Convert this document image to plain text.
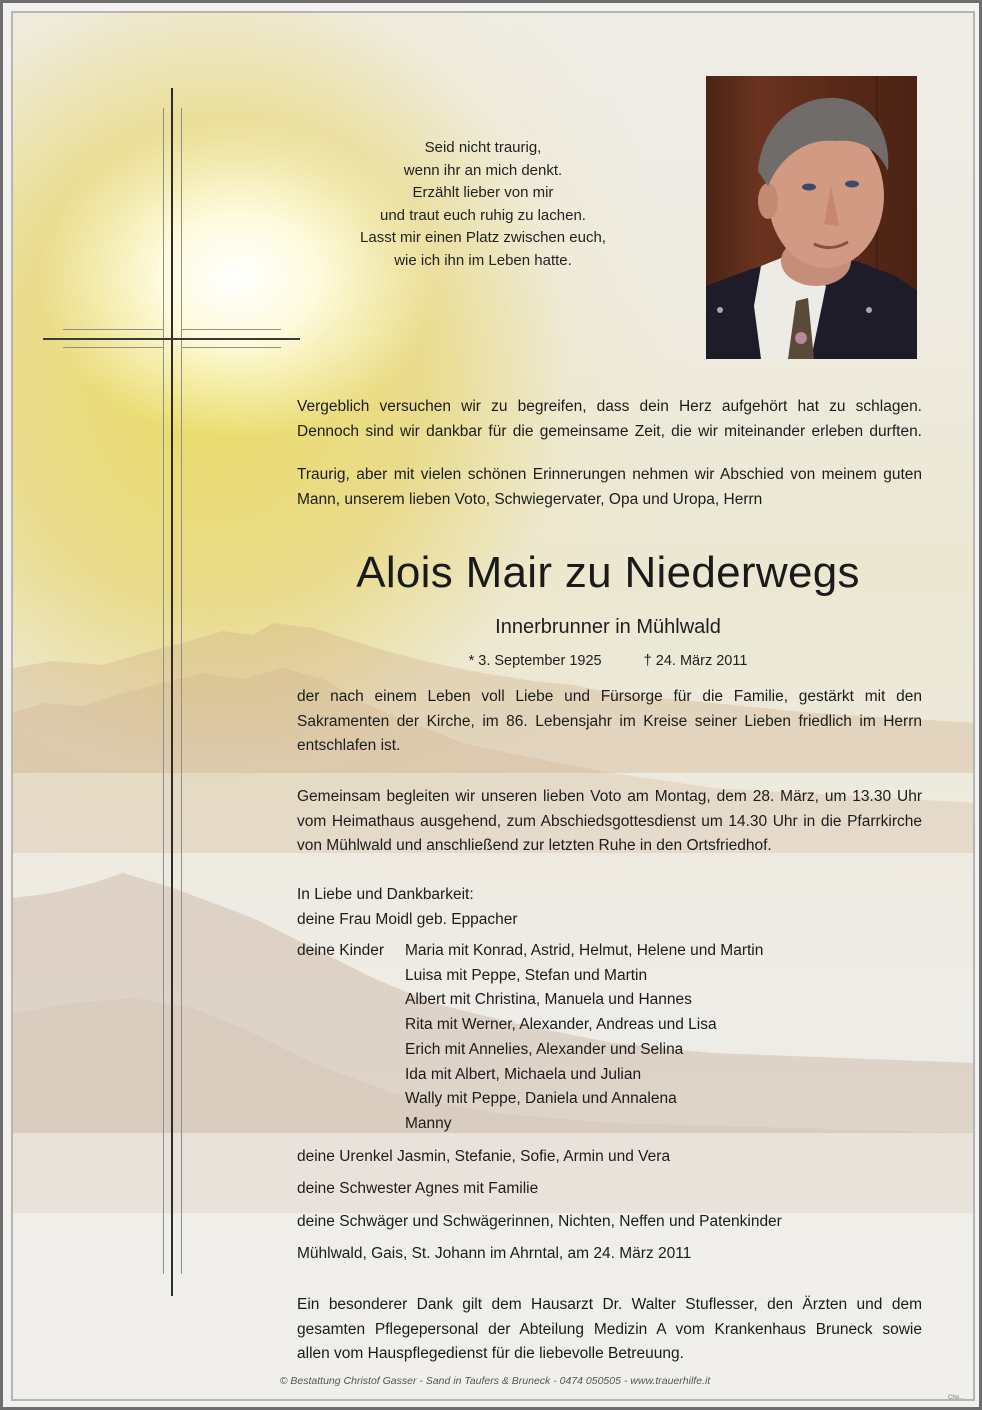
Seid nicht traurig,
wenn ihr an mich denkt.
Erzählt lieber von mir
und traut euch ruhig zu lachen.
Lasst mir einen Platz zwischen euch,
wie ich ihn im Leben hatte.
Vergeblich versuchen wir zu begreifen, dass dein Herz aufgehört hat zu schlagen.
Dennoch sind wir dankbar für die gemeinsame Zeit, die wir miteinander erleben durften.
Traurig, aber mit vielen schönen Erinnerungen nehmen wir Abschied von meinem guten
Mann, unserem lieben Voto, Schwiegervater, Opa und Uropa, Herrn
Alois Mair zu Niederwegs
Innerbrunner in Mühlwald
* 3. September 1925	† 24. März 2011
der nach einem Leben voll Liebe und Fürsorge für die Familie, gestärkt mit den
Sakramenten der Kirche, im 86. Lebensjahr im Kreise seiner Lieben friedlich im Herrn
entschlafen ist.
Gemeinsam begleiten wir unseren lieben Voto am Montag, dem 28. März, um 13.30 Uhr
vom Heimathaus ausgehend, zum Abschiedsgottesdienst um 14.30 Uhr in die Pfarrkirche
von Mühlwald und anschließend zur letzten Ruhe in den Ortsfriedhof.
In Liebe und Dankbarkeit:
deine Frau Moidl geb. Eppacher
deine Kinder	Maria mit Konrad, Astrid, Helmut, Helene und Martin
Luisa mit Peppe, Stefan und Martin
Albert mit Christina, Manuela und Hannes
Rita mit Werner, Alexander, Andreas und Lisa
Erich mit Annelies, Alexander und Selina
Ida mit Albert, Michaela und Julian
Wally mit Peppe, Daniela und Annalena
Manny
deine Urenkel Jasmin, Stefanie, Sofie, Armin und Vera
deine Schwester Agnes mit Familie
deine Schwäger und Schwägerinnen, Nichten, Neffen und Patenkinder
Mühlwald, Gais, St. Johann im Ahrntal, am 24. März 2011
Ein besonderer Dank gilt dem Hausarzt Dr. Walter Stuflesser, den Ärzten und dem
gesamten Pflegepersonal der Abteilung Medizin A vom Krankenhaus Bruneck sowie
allen vom Hauspflegedienst für die liebevolle Betreuung.
© Bestattung Christof Gasser - Sand in Taufers & Bruneck - 0474 050505 - www.trauerhilfe.it
Chg…
